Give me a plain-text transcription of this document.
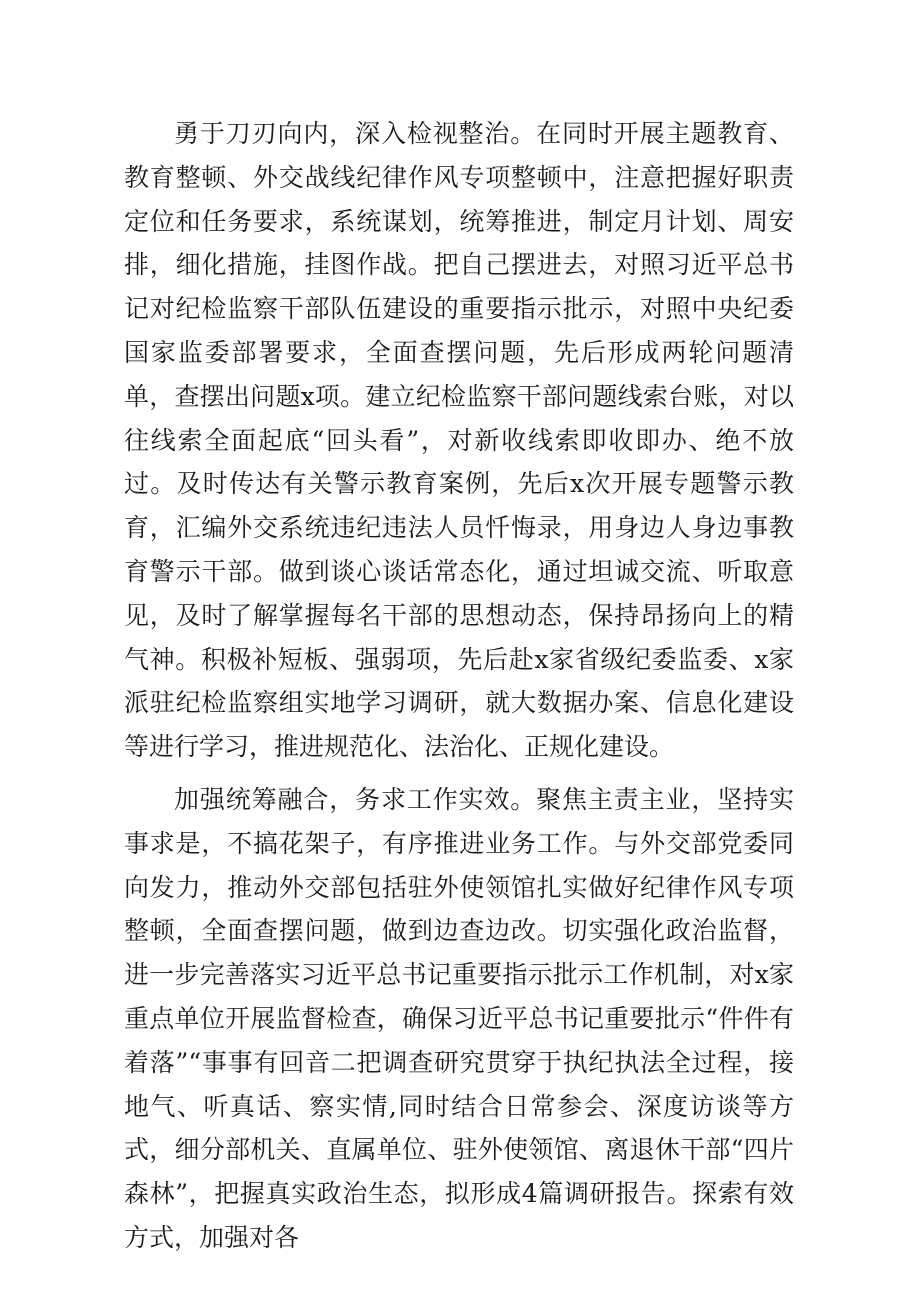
勇于刀刃向内，深入检视整治。在同时开展主题教育、教育整顿、外交战线纪律作风专项整顿中，注意把握好职责定位和任务要求，系统谋划，统筹推进，制定月计划、周安排，细化措施，挂图作战。把自己摆进去，对照习近平总书记对纪检监察干部队伍建设的重要指示批示，对照中央纪委国家监委部署要求，全面查摆问题，先后形成两轮问题清单，查摆出问题x项。建立纪检监察干部问题线索台账，对以往线索全面起底“回头看”，对新收线索即收即办、绝不放过。及时传达有关警示教育案例，先后x次开展专题警示教育，汇编外交系统违纪违法人员忏悔录，用身边人身边事教育警示干部。做到谈心谈话常态化，通过坦诚交流、听取意见，及时了解掌握每名干部的思想动态，保持昂扬向上的精气神。积极补短板、强弱项，先后赴x家省级纪委监委、x家派驻纪检监察组实地学习调研，就大数据办案、信息化建设等进行学习，推进规范化、法治化、正规化建设。

加强统筹融合，务求工作实效。聚焦主责主业，坚持实事求是，不搞花架子，有序推进业务工作。与外交部党委同向发力，推动外交部包括驻外使领馆扎实做好纪律作风专项整顿，全面查摆问题，做到边查边改。切实强化政治监督，进一步完善落实习近平总书记重要指示批示工作机制，对x家重点单位开展监督检查，确保习近平总书记重要批示“件件有着落”“事事有回音二把调查研究贯穿于执纪执法全过程，接地气、听真话、察实情,同时结合日常参会、深度访谈等方式，细分部机关、直属单位、驻外使领馆、离退休干部“四片森林”，把握真实政治生态，拟形成4篇调研报告。探索有效方式，加强对各
